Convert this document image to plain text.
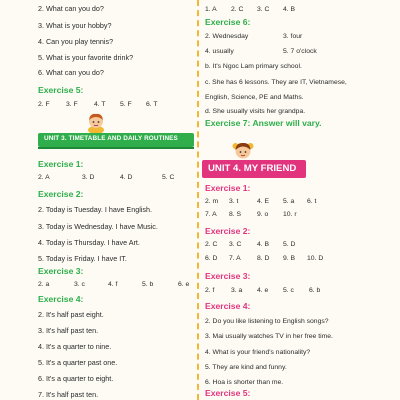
2. What can you do?
3. What is your hobby?
4. Can you play tennis?
5. What is your favorite drink?
6. What can you do?
Exercise 5:
2. F 3. F 4. T 5. F 6. T
UNIT 3. TIMETABLE AND DAILY ROUTINES
Exercise 1:
2. A	3. D	4. D	5. C
Exercise 2:
2. Today is Tuesday. I have English.
3. Today is Wednesday. I have Music.
4. Today is Thursday. I have Art.
5. Today is Friday. I have IT.
Exercise 3:
2. a	3. c	4. f	5. b	6. e
Exercise 4:
2. It's half past eight.
3. It's half past ten.
4. It's a quarter to nine.
5. It's a quarter past one.
6. It's a quarter to eight.
7. It's half past ten.
1. A 2. C 3. C 4. B
Exercise 6:
2. Wednesday	3. four
4. usually	5. 7 o'clock
b. It's Ngoc Lam primary school.
c. She has 6 lessons. They are IT, Vietnamese,
English, Science, PE and Maths.
d. She usually visits her grandpa.
Exercise 7: Answer will vary.
UNIT 4. MY FRIEND
Exercise 1:
2. m 3. t	4. E 5. a 6. t
7. A 8. S 9. o 10. r
Exercise 2:
2. C 3. C 4. B 5. D
6. D 7. A 8. D 9. B 10. D
Exercise 3:
2. f 3. a 4. e 5. c 6. b
Exercise 4:
2. Do you like listening to English songs?
3. Mai usually watches TV in her free time.
4. What is your friend's nationality?
5. They are kind and funny.
6. Hoa is shorter than me.
Exercise 5:
